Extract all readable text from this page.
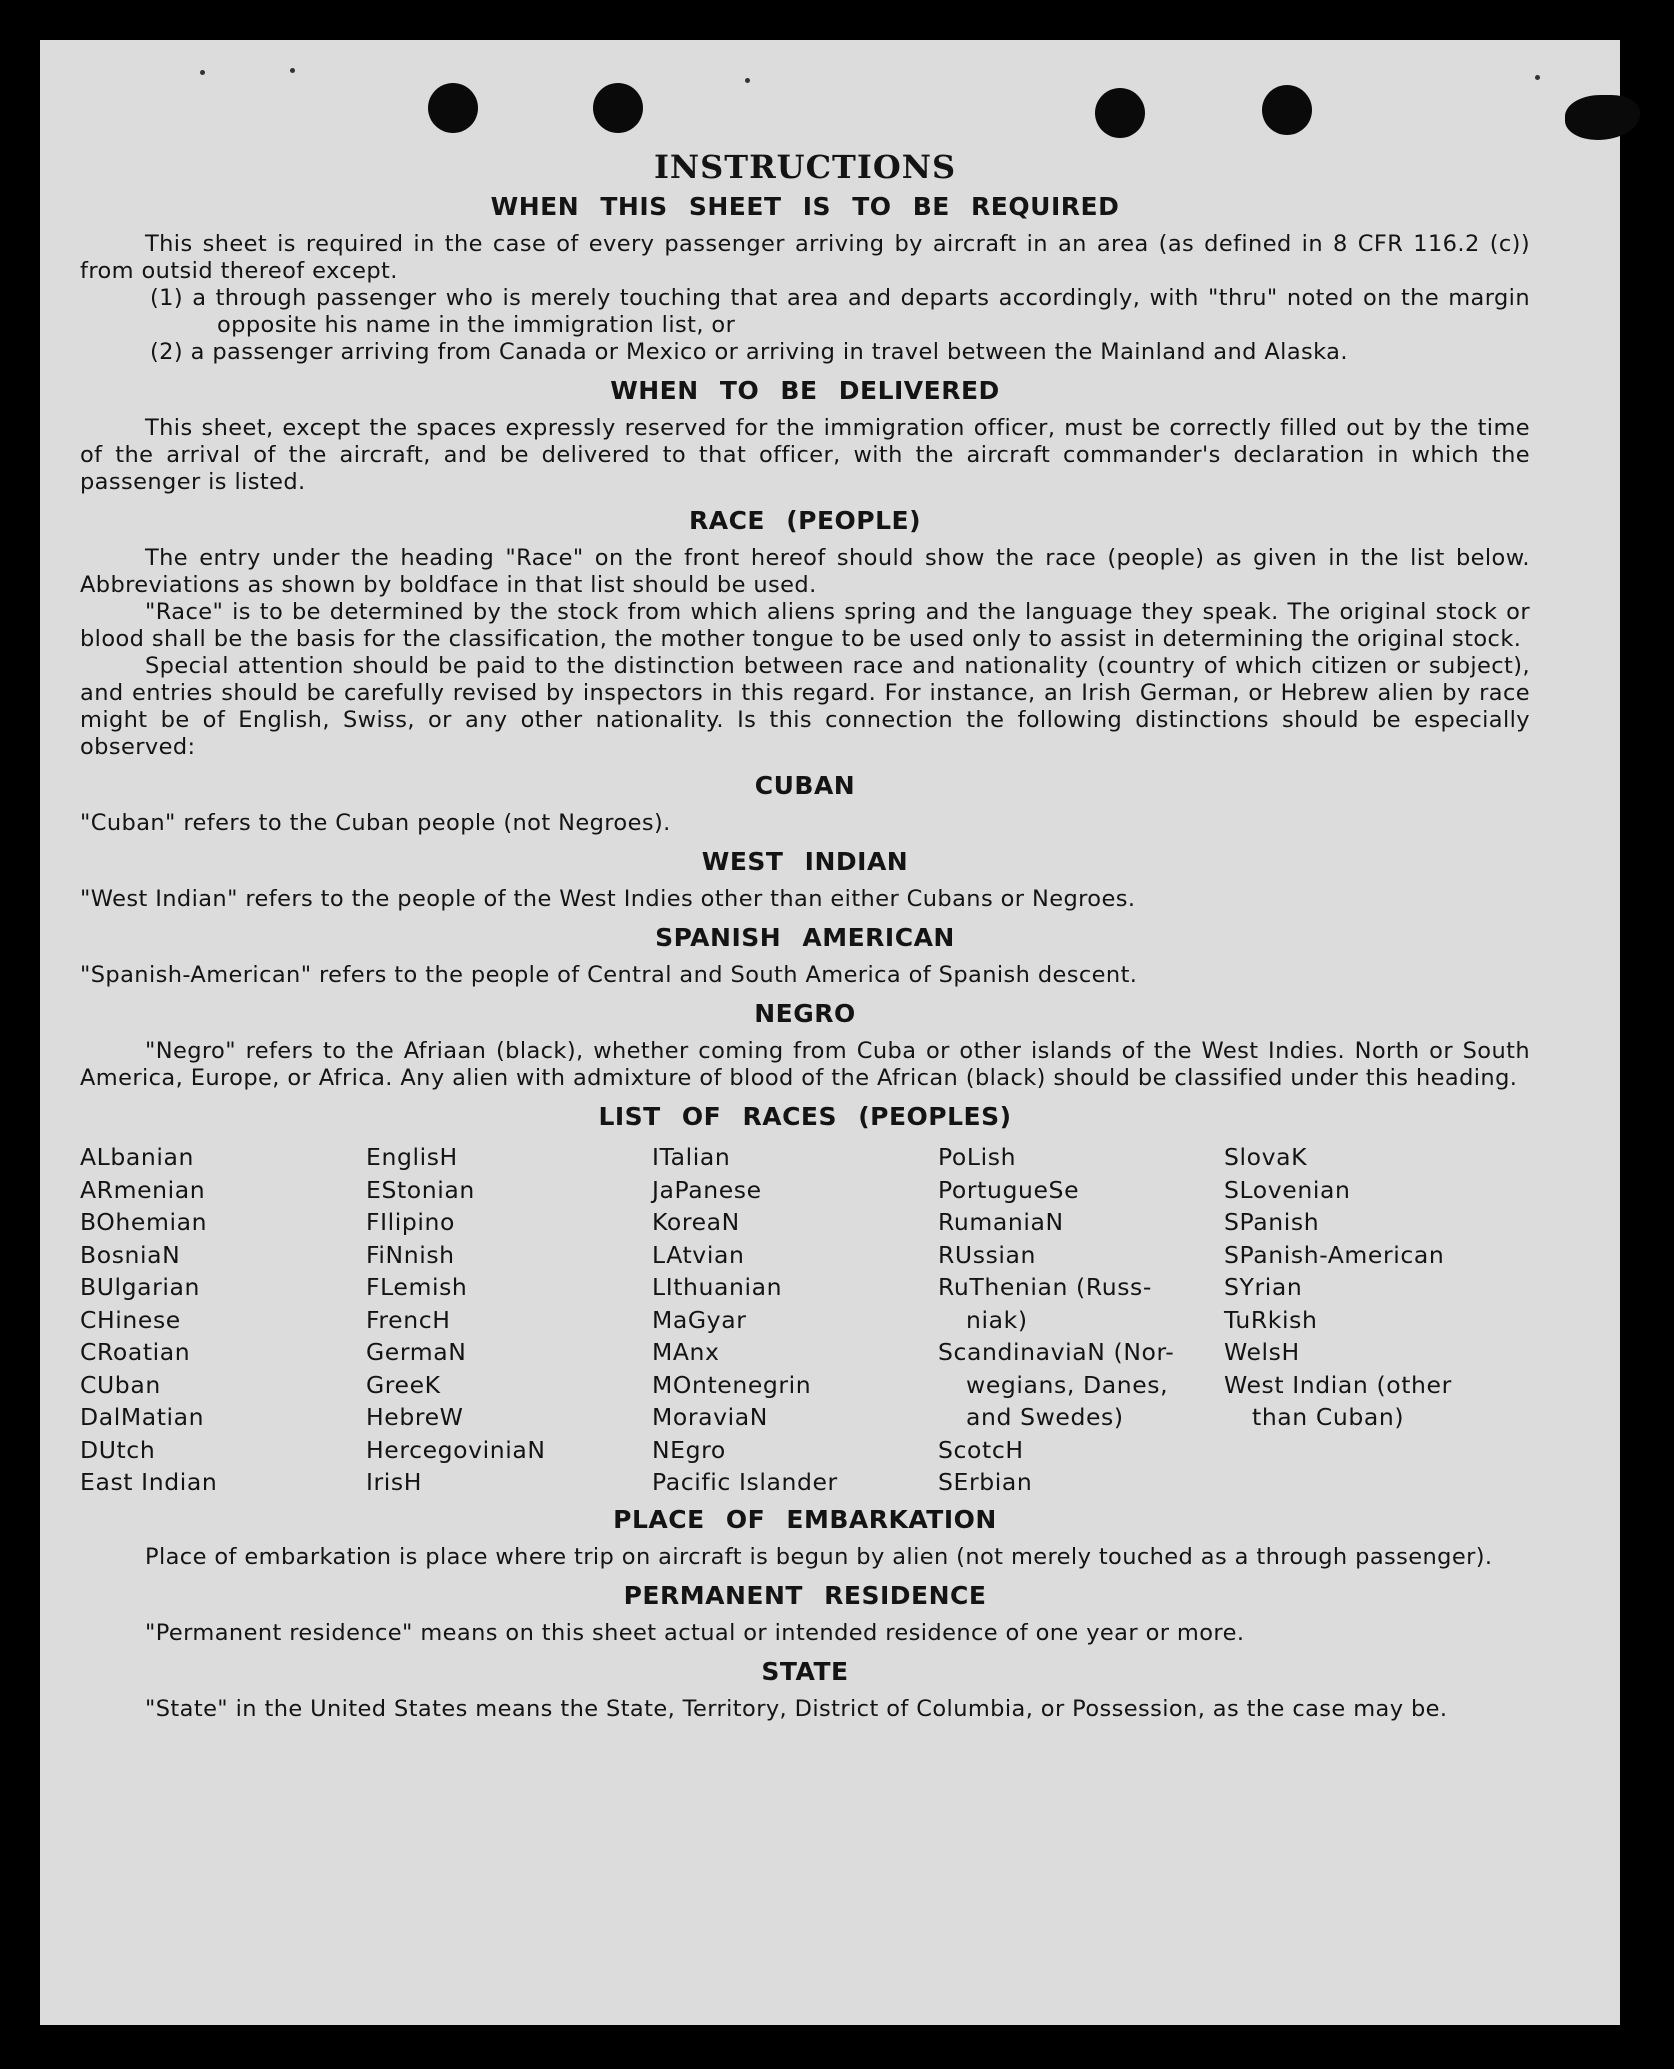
INSTRUCTIONS
WHEN THIS SHEET IS TO BE REQUIRED

This sheet is required in the case of every passenger arriving by aircraft in an area (as defined in 8 CFR 116.2 (c)) from outsid thereof except.

(1) a through passenger who is merely touching that area and departs accordingly, with "thru" noted on the margin opposite his name in the immigration list, or

(2) a passenger arriving from Canada or Mexico or arriving in travel between the Mainland and Alaska.

WHEN TO BE DELIVERED

This sheet, except the spaces expressly reserved for the immigration officer, must be correctly filled out by the time of the arrival of the aircraft, and be delivered to that officer, with the aircraft commander's declaration in which the passenger is listed.

RACE (PEOPLE)

The entry under the heading "Race" on the front hereof should show the race (people) as given in the list below. Abbreviations as shown by boldface in that list should be used.

"Race" is to be determined by the stock from which aliens spring and the language they speak. The original stock or blood shall be the basis for the classification, the mother tongue to be used only to assist in determining the original stock.

Special attention should be paid to the distinction between race and nationality (country of which citizen or subject), and entries should be carefully revised by inspectors in this regard. For instance, an Irish German, or Hebrew alien by race might be of English, Swiss, or any other nationality. Is this connection the following distinctions should be especially observed:

CUBAN

"Cuban" refers to the Cuban people (not Negroes).

WEST INDIAN

"West Indian" refers to the people of the West Indies other than either Cubans or Negroes.

SPANISH AMERICAN

"Spanish-American" refers to the people of Central and South America of Spanish descent.

NEGRO

"Negro" refers to the Afriaan (black), whether coming from Cuba or other islands of the West Indies. North or South America, Europe, or Africa. Any alien with admixture of blood of the African (black) should be classified under this heading.

LIST OF RACES (PEOPLES)
ALbanian
ARmenian
BOhemian
BosniaN
BUlgarian
CHinese
CRoatian
CUban
DalMatian
DUtch
East Indian
EnglisH
EStonian
FIlipino
FiNnish
FLemish
FrencH
GermaN
GreeK
HebreW
HercegoviniaN
IrisH
ITalian
JaPanese
KoreaN
LAtvian
LIthuanian
MaGyar
MAnx
MOntenegrin
MoraviaN
NEgro
Pacific Islander
PoLish
PortugueSe
RumaniaN
RUssian
RuThenian (Russ-
niak)
ScandinaviaN (Nor-
wegians, Danes,
and Swedes)
ScotcH
SErbian
SlovaK
SLovenian
SPanish
SPanish-American
SYrian
TuRkish
WelsH
West Indian (other
than Cuban)
PLACE OF EMBARKATION

Place of embarkation is place where trip on aircraft is begun by alien (not merely touched as a through passenger).

PERMANENT RESIDENCE

"Permanent residence" means on this sheet actual or intended residence of one year or more.

STATE

"State" in the United States means the State, Territory, District of Columbia, or Possession, as the case may be.
